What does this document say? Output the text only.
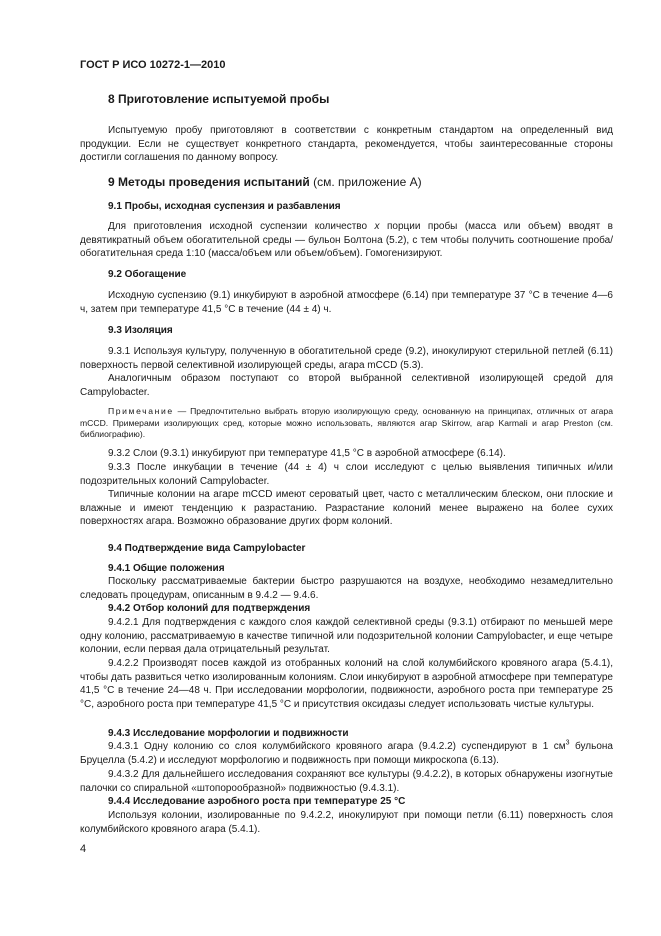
ГОСТ Р ИСО 10272-1—2010
8 Приготовление испытуемой пробы
Испытуемую пробу приготовляют в соответствии с конкретным стандартом на определенный вид продукции. Если не существует конкретного стандарта, рекомендуется, чтобы заинтересованные стороны достигли соглашения по данному вопросу.
9 Методы проведения испытаний (см. приложение А)
9.1 Пробы, исходная суспензия и разбавления
Для приготовления исходной суспензии количество х порции пробы (масса или объем) вводят в девятикратный объем обогатительной среды — бульон Болтона (5.2), с тем чтобы получить соотношение проба/обогатительная среда 1:10 (масса/объем или объем/объем). Гомогенизируют.
9.2 Обогащение
Исходную суспензию (9.1) инкубируют в аэробной атмосфере (6.14) при температуре 37 °C в течение 4—6 ч, затем при температуре 41,5 °C в течение (44 ± 4) ч.
9.3 Изоляция
9.3.1 Используя культуру, полученную в обогатительной среде (9.2), инокулируют стерильной петлей (6.11) поверхность первой селективной изолирующей среды, агара mCCD (5.3).
Аналогичным образом поступают со второй выбранной селективной изолирующей средой для Campylobacter.
Примечание — Предпочтительно выбрать вторую изолирующую среду, основанную на принципах, отличных от агара mCCD. Примерами изолирующих сред, которые можно использовать, являются агар Skirrow, агар Karmali и агар Preston (см. библиографию).
9.3.2 Слои (9.3.1) инкубируют при температуре 41,5 °C в аэробной атмосфере (6.14).
9.3.3 После инкубации в течение (44 ± 4) ч слои исследуют с целью выявления типичных и/или подозрительных колоний Campylobacter.
Типичные колонии на агаре mCCD имеют сероватый цвет, часто с металлическим блеском, они плоские и влажные и имеют тенденцию к разрастанию. Разрастание колоний менее выражено на более сухих поверхностях агара. Возможно образование других форм колоний.
9.4 Подтверждение вида Campylobacter
9.4.1 Общие положения
Поскольку рассматриваемые бактерии быстро разрушаются на воздухе, необходимо незамедлительно следовать процедурам, описанным в 9.4.2 — 9.4.6.
9.4.2 Отбор колоний для подтверждения
9.4.2.1 Для подтверждения с каждого слоя каждой селективной среды (9.3.1) отбирают по меньшей мере одну колонию, рассматриваемую в качестве типичной или подозрительной колонии Campylobacter, и еще четыре колонии, если первая дала отрицательный результат.
9.4.2.2 Производят посев каждой из отобранных колоний на слой колумбийского кровяного агара (5.4.1), чтобы дать развиться четко изолированным колониям. Слои инкубируют в аэробной атмосфере при температуре 41,5 °C в течение 24—48 ч. При исследовании морфологии, подвижности, аэробного роста при температуре 25 °C, аэробного роста при температуре 41,5 °C и присутствия оксидазы следует использовать чистые культуры.
9.4.3 Исследование морфологии и подвижности
9.4.3.1 Одну колонию со слоя колумбийского кровяного агара (9.4.2.2) суспендируют в 1 $см^3$ бульона Бруцелла (5.4.2) и исследуют морфологию и подвижность при помощи микроскопа (6.13).
9.4.3.2 Для дальнейшего исследования сохраняют все культуры (9.4.2.2), в которых обнаружены изогнутые палочки со спиральной «штопорообразной» подвижностью (9.4.3.1).
9.4.4 Исследование аэробного роста при температуре 25 °C
Используя колонии, изолированные по 9.4.2.2, инокулируют при помощи петли (6.11) поверхность слоя колумбийского кровяного агара (5.4.1).
4
